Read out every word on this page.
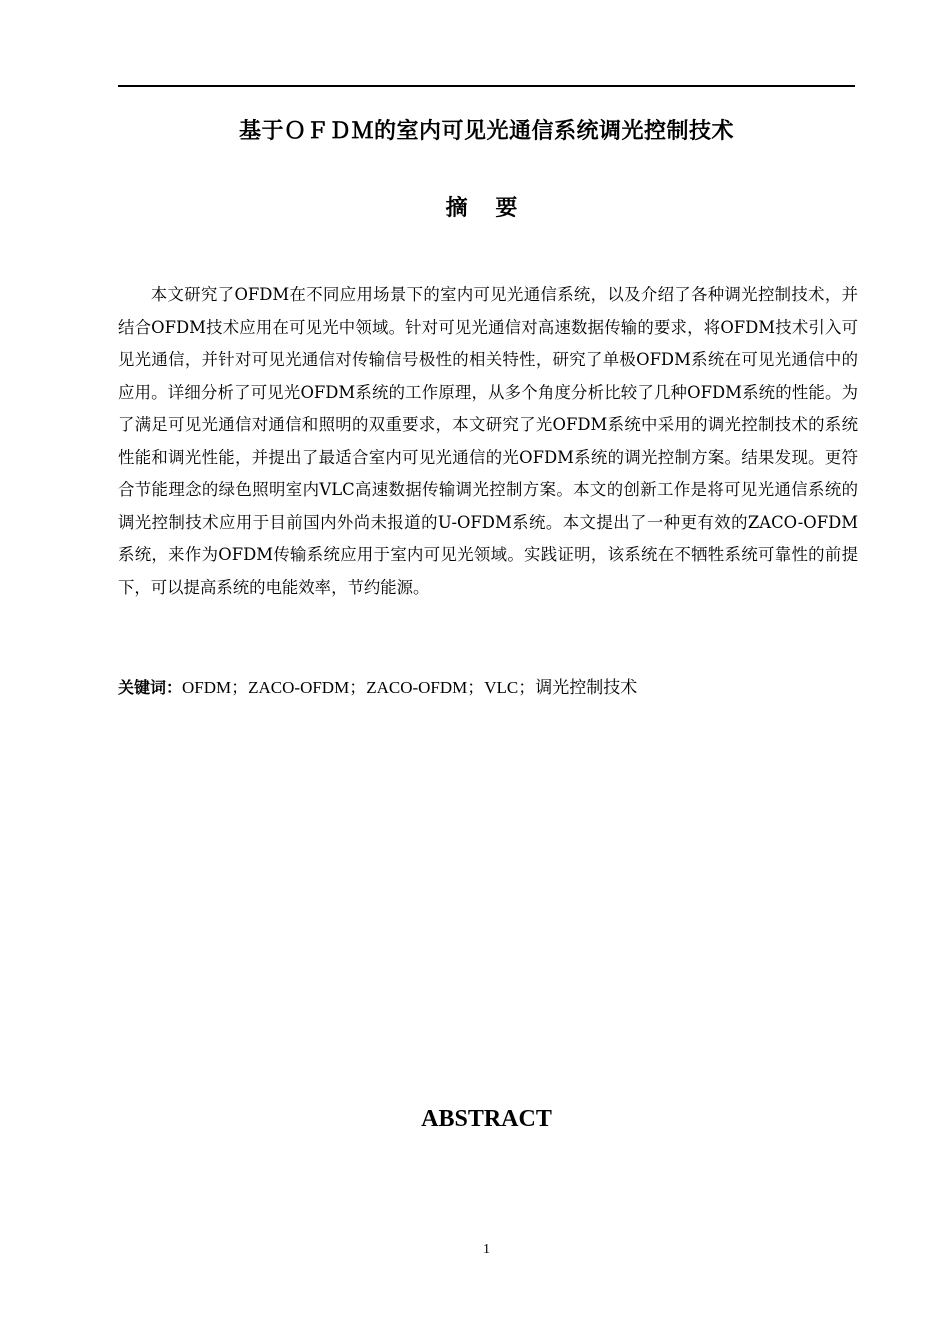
基于ＯＦＤＭ的室内可见光通信系统调光控制技术
摘 要

本文研究了OFDM在不同应用场景下的室内可见光通信系统，以及介绍了各种调光控制技术，并结合OFDM技术应用在可见光中领域。针对可见光通信对高速数据传输的要求，将OFDM技术引入可见光通信，并针对可见光通信对传输信号极性的相关特性，研究了单极OFDM系统在可见光通信中的应用。详细分析了可见光OFDM系统的工作原理，从多个角度分析比较了几种OFDM系统的性能。为了满足可见光通信对通信和照明的双重要求，本文研究了光OFDM系统中采用的调光控制技术的系统性能和调光性能，并提出了最适合室内可见光通信的光OFDM系统的调光控制方案。结果发现。更符合节能理念的绿色照明室内VLC高速数据传输调光控制方案。本文的创新工作是将可见光通信系统的调光控制技术应用于目前国内外尚未报道的U-OFDM系统。本文提出了一种更有效的ZACO-OFDM系统，来作为OFDM传输系统应用于室内可见光领域。实践证明，该系统在不牺牲系统可靠性的前提下，可以提高系统的电能效率，节约能源。

关键词：OFDM；ZACO-OFDM；ZACO-OFDM；VLC；调光控制技术

ABSTRACT
1
